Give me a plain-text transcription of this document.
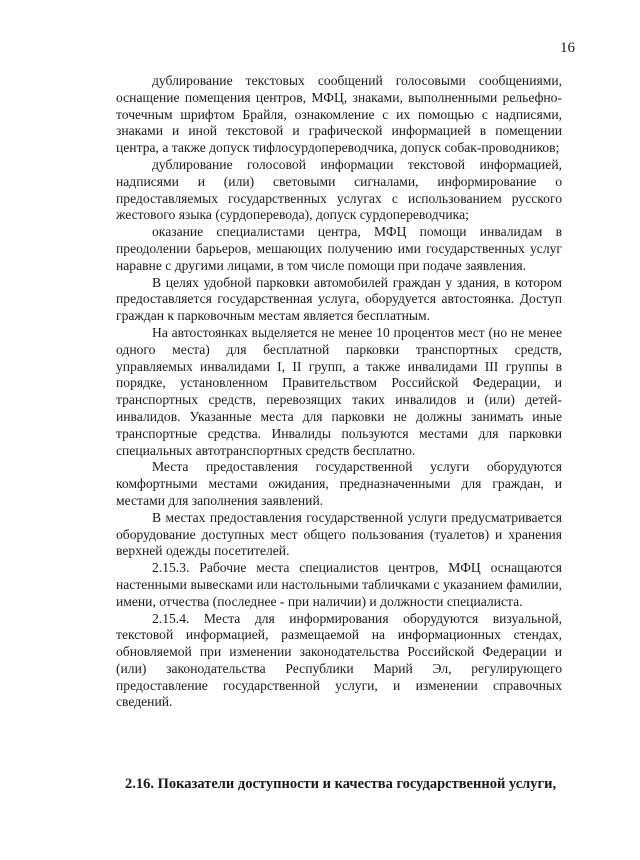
16

дублирование текстовых сообщений голосовыми сообщениями, оснащение помещения центров, МФЦ, знаками, выполненными рельефно-точечным шрифтом Брайля, ознакомление с их помощью с надписями, знаками и иной текстовой и графической информацией в помещении центра, а также допуск тифлосурдопереводчика, допуск собак-проводников;

дублирование голосовой информации текстовой информацией, надписями и (или) световыми сигналами, информирование о предоставляемых государственных услугах с использованием русского жестового языка (сурдоперевода), допуск сурдопереводчика;

оказание специалистами центра, МФЦ помощи инвалидам в преодолении барьеров, мешающих получению ими государственных услуг наравне с другими лицами, в том числе помощи при подаче заявления.

В целях удобной парковки автомобилей граждан у здания, в котором предоставляется государственная услуга, оборудуется автостоянка. Доступ граждан к парковочным местам является бесплатным.

На автостоянках выделяется не менее 10 процентов мест (но не менее одного места) для бесплатной парковки транспортных средств, управляемых инвалидами I, II групп, а также инвалидами III группы в порядке, установленном Правительством Российской Федерации, и транспортных средств, перевозящих таких инвалидов и (или) детей-инвалидов. Указанные места для парковки не должны занимать иные транспортные средства. Инвалиды пользуются местами для парковки специальных автотранспортных средств бесплатно.

Места предоставления государственной услуги оборудуются комфортными местами ожидания, предназначенными для граждан, и местами для заполнения заявлений.

В местах предоставления государственной услуги предусматривается оборудование доступных мест общего пользования (туалетов) и хранения верхней одежды посетителей.

2.15.3. Рабочие места специалистов центров, МФЦ оснащаются настенными вывесками или настольными табличками с указанием фамилии, имени, отчества (последнее - при наличии) и должности специалиста.

2.15.4. Места для информирования оборудуются визуальной, текстовой информацией, размещаемой на информационных стендах, обновляемой при изменении законодательства Российской Федерации и (или) законодательства Республики Марий Эл, регулирующего предоставление государственной услуги, и изменении справочных сведений.

2.16. Показатели доступности и качества государственной услуги,
